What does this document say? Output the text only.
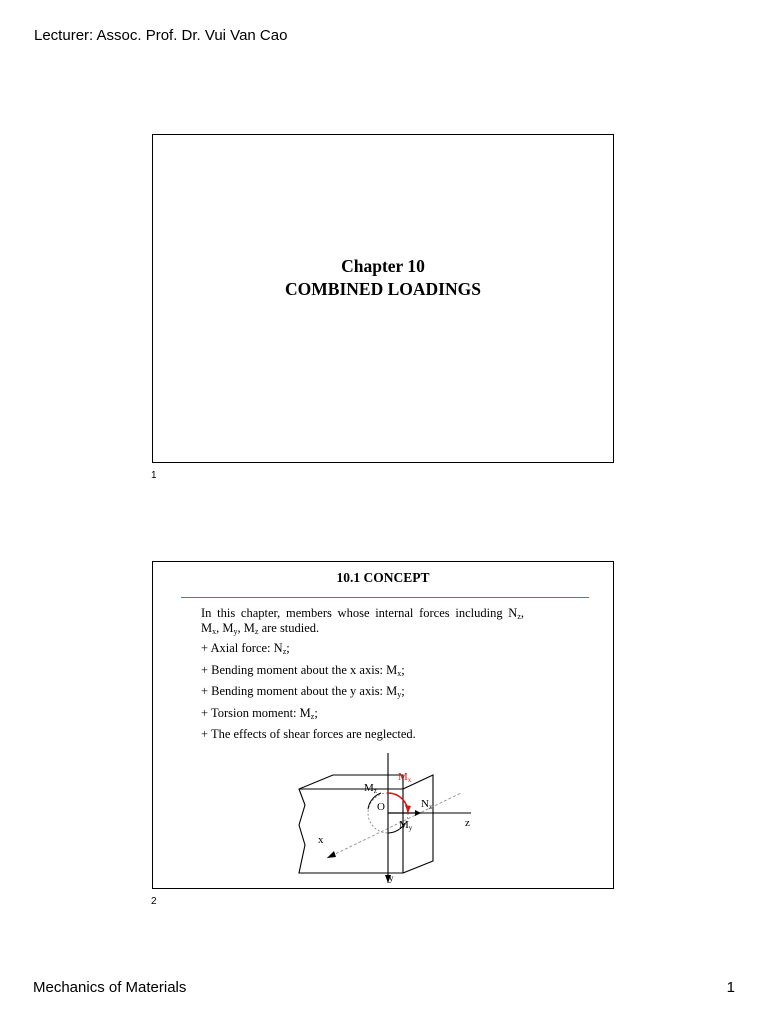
Lecturer: Assoc. Prof. Dr. Vui Van Cao
Chapter 10
COMBINED LOADINGS
1
10.1 CONCEPT

In this chapter, members whose internal forces including $N_z$, $M_x$, $M_y$, $M_z$ are studied.

+ Axial force: $N_z$;

+ Bending moment about the x axis: $M_x$;

+ Bending moment about the y axis: $M_y$;

+ Torsion moment: $M_z$;

+ The effects of shear forces are neglected.

Mx
Mz
Nz
O
My
x
z
y
2
Mechanics of Materials	1
